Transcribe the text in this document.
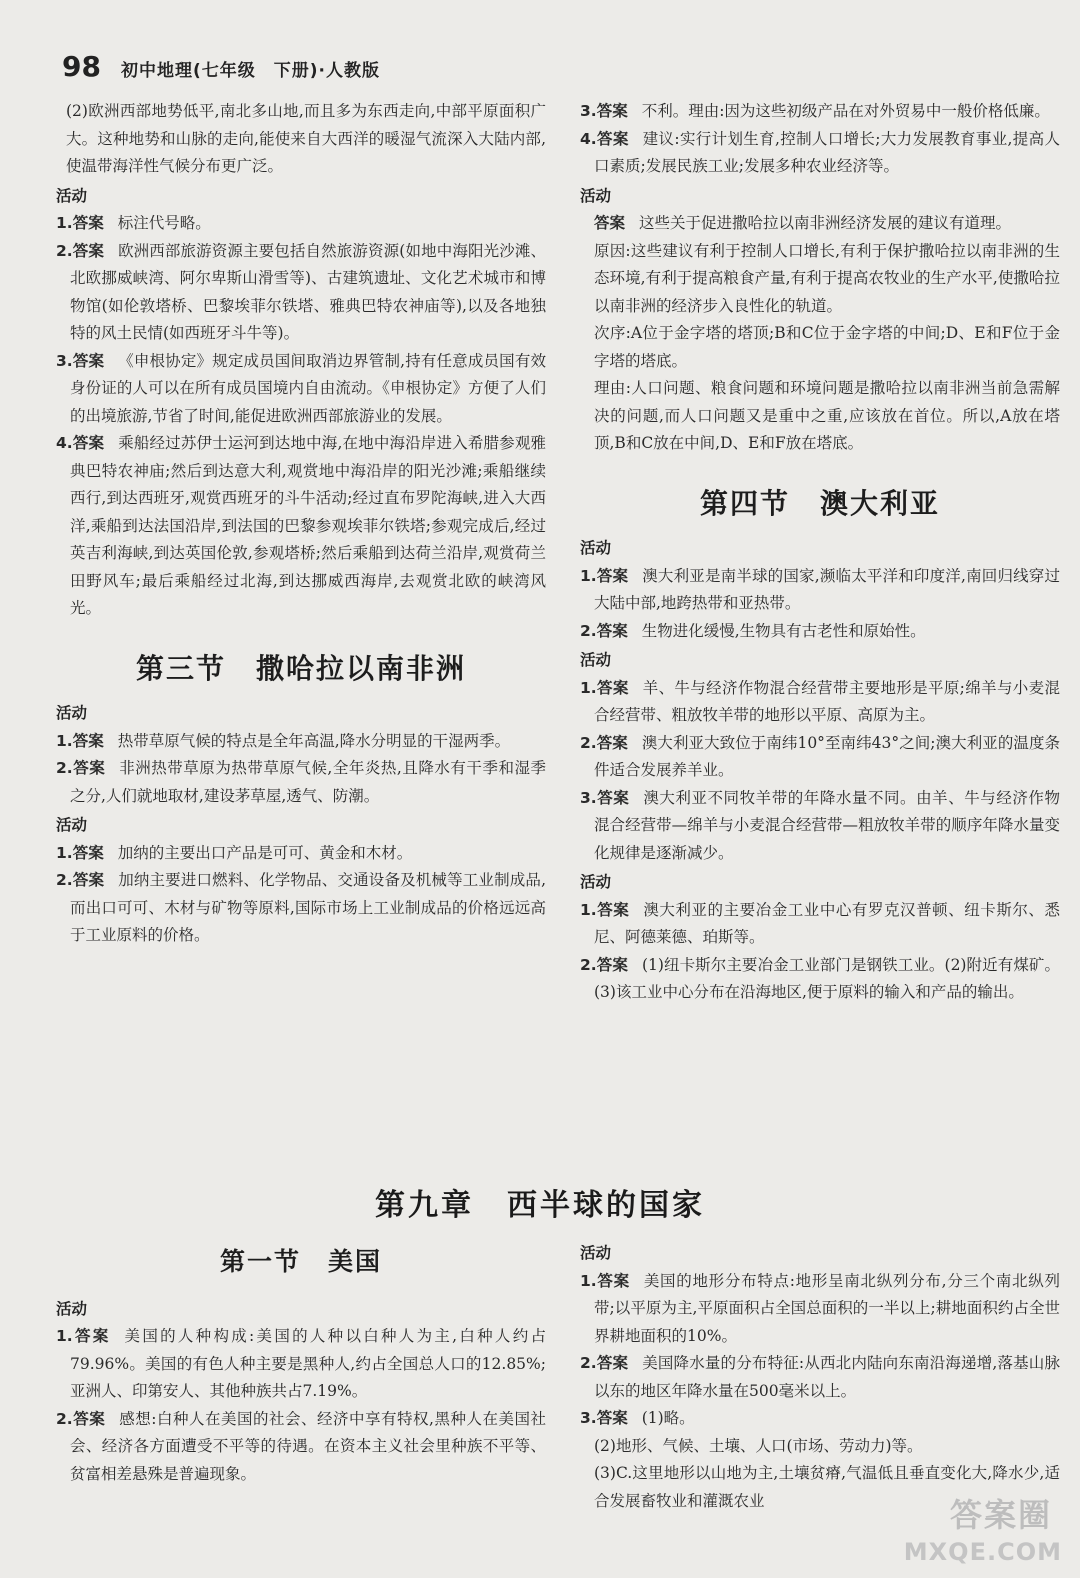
98 初中地理(七年级　下册)·人教版

(2)欧洲西部地势低平,南北多山地,而且多为东西走向,中部平原面积广大。这种地势和山脉的走向,能使来自大西洋的暖湿气流深入大陆内部,使温带海洋性气候分布更广泛。

活动

1.答案 标注代号略。

2.答案 欧洲西部旅游资源主要包括自然旅游资源(如地中海阳光沙滩、北欧挪威峡湾、阿尔卑斯山滑雪等)、古建筑遗址、文化艺术城市和博物馆(如伦敦塔桥、巴黎埃菲尔铁塔、雅典巴特农神庙等),以及各地独特的风土民情(如西班牙斗牛等)。

3.答案 《申根协定》规定成员国间取消边界管制,持有任意成员国有效身份证的人可以在所有成员国境内自由流动。《申根协定》方便了人们的出境旅游,节省了时间,能促进欧洲西部旅游业的发展。

4.答案 乘船经过苏伊士运河到达地中海,在地中海沿岸进入希腊参观雅典巴特农神庙;然后到达意大利,观赏地中海沿岸的阳光沙滩;乘船继续西行,到达西班牙,观赏西班牙的斗牛活动;经过直布罗陀海峡,进入大西洋,乘船到达法国沿岸,到法国的巴黎参观埃菲尔铁塔;参观完成后,经过英吉利海峡,到达英国伦敦,参观塔桥;然后乘船到达荷兰沿岸,观赏荷兰田野风车;最后乘船经过北海,到达挪威西海岸,去观赏北欧的峡湾风光。

第三节　撒哈拉以南非洲

活动

1.答案 热带草原气候的特点是全年高温,降水分明显的干湿两季。

2.答案 非洲热带草原为热带草原气候,全年炎热,且降水有干季和湿季之分,人们就地取材,建设茅草屋,透气、防潮。

活动

1.答案 加纳的主要出口产品是可可、黄金和木材。

2.答案 加纳主要进口燃料、化学物品、交通设备及机械等工业制成品,而出口可可、木材与矿物等原料,国际市场上工业制成品的价格远远高于工业原料的价格。

3.答案 不利。理由:因为这些初级产品在对外贸易中一般价格低廉。

4.答案 建议:实行计划生育,控制人口增长;大力发展教育事业,提高人口素质;发展民族工业;发展多种农业经济等。

活动

答案 这些关于促进撒哈拉以南非洲经济发展的建议有道理。

原因:这些建议有利于控制人口增长,有利于保护撒哈拉以南非洲的生态环境,有利于提高粮食产量,有利于提高农牧业的生产水平,使撒哈拉以南非洲的经济步入良性化的轨道。

次序:A位于金字塔的塔顶;B和C位于金字塔的中间;D、E和F位于金字塔的塔底。

理由:人口问题、粮食问题和环境问题是撒哈拉以南非洲当前急需解决的问题,而人口问题又是重中之重,应该放在首位。所以,A放在塔顶,B和C放在中间,D、E和F放在塔底。

第四节　澳大利亚

活动

1.答案 澳大利亚是南半球的国家,濒临太平洋和印度洋,南回归线穿过大陆中部,地跨热带和亚热带。

2.答案 生物进化缓慢,生物具有古老性和原始性。

活动

1.答案 羊、牛与经济作物混合经营带主要地形是平原;绵羊与小麦混合经营带、粗放牧羊带的地形以平原、高原为主。

2.答案 澳大利亚大致位于南纬10°至南纬43°之间;澳大利亚的温度条件适合发展养羊业。

3.答案 澳大利亚不同牧羊带的年降水量不同。由羊、牛与经济作物混合经营带—绵羊与小麦混合经营带—粗放牧羊带的顺序年降水量变化规律是逐渐减少。

活动

1.答案 澳大利亚的主要冶金工业中心有罗克汉普顿、纽卡斯尔、悉尼、阿德莱德、珀斯等。

2.答案 (1)纽卡斯尔主要冶金工业部门是钢铁工业。(2)附近有煤矿。(3)该工业中心分布在沿海地区,便于原料的输入和产品的输出。

第九章　西半球的国家
第一节　美国

活动

1.答案 美国的人种构成:美国的人种以白种人为主,白种人约占79.96%。美国的有色人种主要是黑种人,约占全国总人口的12.85%;亚洲人、印第安人、其他种族共占7.19%。

2.答案 感想:白种人在美国的社会、经济中享有特权,黑种人在美国社会、经济各方面遭受不平等的待遇。在资本主义社会里种族不平等、贫富相差悬殊是普遍现象。

活动

1.答案 美国的地形分布特点:地形呈南北纵列分布,分三个南北纵列带;以平原为主,平原面积占全国总面积的一半以上;耕地面积约占全世界耕地面积的10%。

2.答案 美国降水量的分布特征:从西北内陆向东南沿海递增,落基山脉以东的地区年降水量在500毫米以上。

3.答案 (1)略。

(2)地形、气候、土壤、人口(市场、劳动力)等。

(3)C.这里地形以山地为主,土壤贫瘠,气温低且垂直变化大,降水少,适合发展畜牧业和灌溉农业	答案圈
MXQE.COM
